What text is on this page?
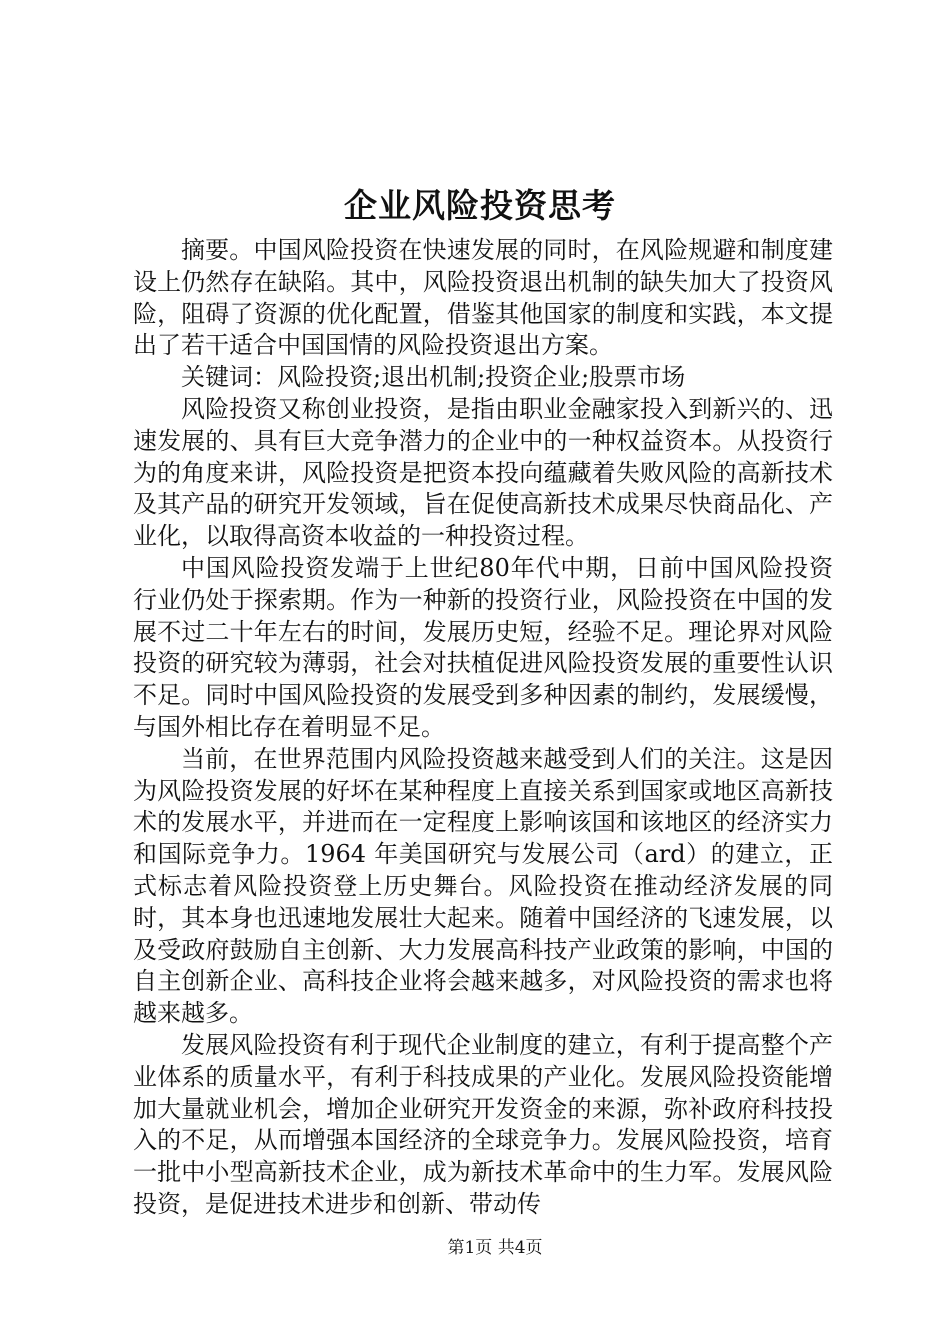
企业风险投资思考

摘要。中国风险投资在快速发展的同时，在风险规避和制度建设上仍然存在缺陷。其中，风险投资退出机制的缺失加大了投资风险，阻碍了资源的优化配置，借鉴其他国家的制度和实践，本文提出了若干适合中国国情的风险投资退出方案。

关键词：风险投资;退出机制;投资企业;股票市场

风险投资又称创业投资，是指由职业金融家投入到新兴的、迅速发展的、具有巨大竞争潜力的企业中的一种权益资本。从投资行为的角度来讲，风险投资是把资本投向蕴藏着失败风险的高新技术及其产品的研究开发领域，旨在促使高新技术成果尽快商品化、产业化，以取得高资本收益的一种投资过程。

中国风险投资发端于上世纪80年代中期，日前中国风险投资行业仍处于探索期。作为一种新的投资行业，风险投资在中国的发展不过二十年左右的时间，发展历史短，经验不足。理论界对风险投资的研究较为薄弱，社会对扶植促进风险投资发展的重要性认识不足。同时中国风险投资的发展受到多种因素的制约，发展缓慢，与国外相比存在着明显不足。

当前，在世界范围内风险投资越来越受到人们的关注。这是因为风险投资发展的好坏在某种程度上直接关系到国家或地区高新技术的发展水平，并进而在一定程度上影响该国和该地区的经济实力和国际竞争力。1964 年美国研究与发展公司（ard）的建立，正式标志着风险投资登上历史舞台。风险投资在推动经济发展的同时，其本身也迅速地发展壮大起来。随着中国经济的飞速发展，以及受政府鼓励自主创新、大力发展高科技产业政策的影响，中国的自主创新企业、高科技企业将会越来越多，对风险投资的需求也将越来越多。

发展风险投资有利于现代企业制度的建立，有利于提高整个产业体系的质量水平，有利于科技成果的产业化。发展风险投资能增加大量就业机会，增加企业研究开发资金的来源，弥补政府科技投入的不足，从而增强本国经济的全球竞争力。发展风险投资，培育一批中小型高新技术企业，成为新技术革命中的生力军。发展风险投资，是促进技术进步和创新、带动传

第1页 共4页
